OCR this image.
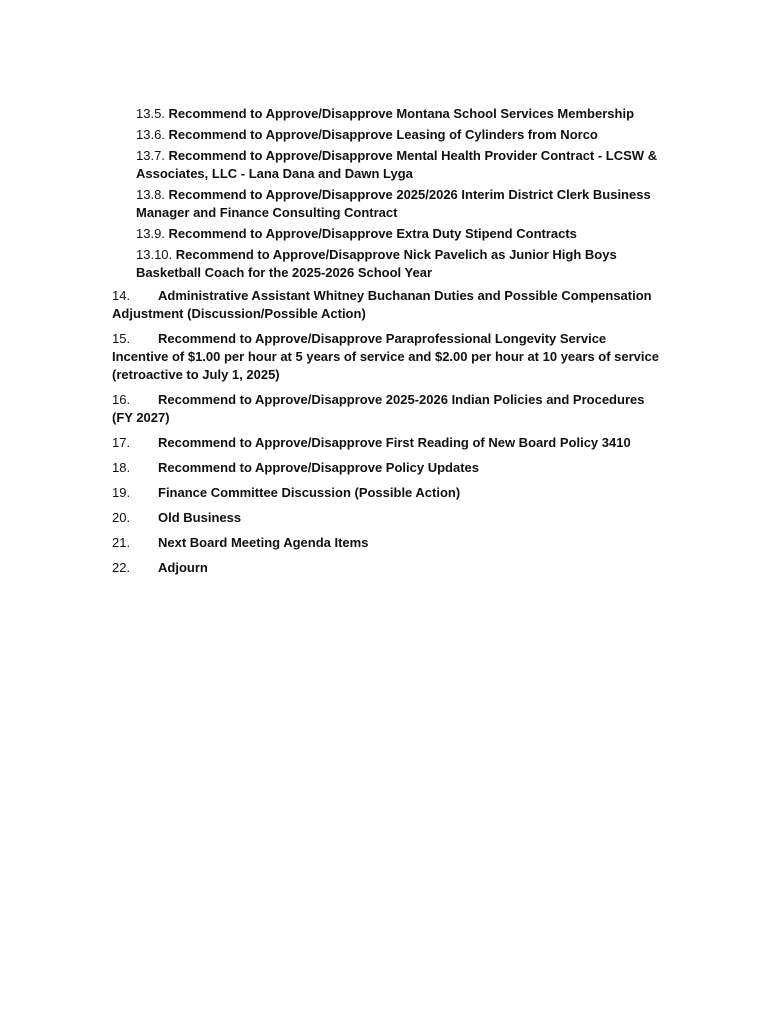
13.5. Recommend to Approve/Disapprove Montana School Services Membership
13.6. Recommend to Approve/Disapprove Leasing of Cylinders from Norco
13.7. Recommend to Approve/Disapprove Mental Health Provider Contract - LCSW & Associates, LLC - Lana Dana and Dawn Lyga
13.8. Recommend to Approve/Disapprove 2025/2026 Interim District Clerk Business Manager and Finance Consulting Contract
13.9. Recommend to Approve/Disapprove Extra Duty Stipend Contracts
13.10. Recommend to Approve/Disapprove Nick Pavelich as Junior High Boys Basketball Coach for the 2025-2026 School Year
14. Administrative Assistant Whitney Buchanan Duties and Possible Compensation Adjustment (Discussion/Possible Action)
15. Recommend to Approve/Disapprove Paraprofessional Longevity Service Incentive of $1.00 per hour at 5 years of service and $2.00 per hour at 10 years of service (retroactive to July 1, 2025)
16. Recommend to Approve/Disapprove 2025-2026 Indian Policies and Procedures (FY 2027)
17. Recommend to Approve/Disapprove First Reading of New Board Policy 3410
18. Recommend to Approve/Disapprove Policy Updates
19. Finance Committee Discussion (Possible Action)
20. Old Business
21. Next Board Meeting Agenda Items
22. Adjourn
